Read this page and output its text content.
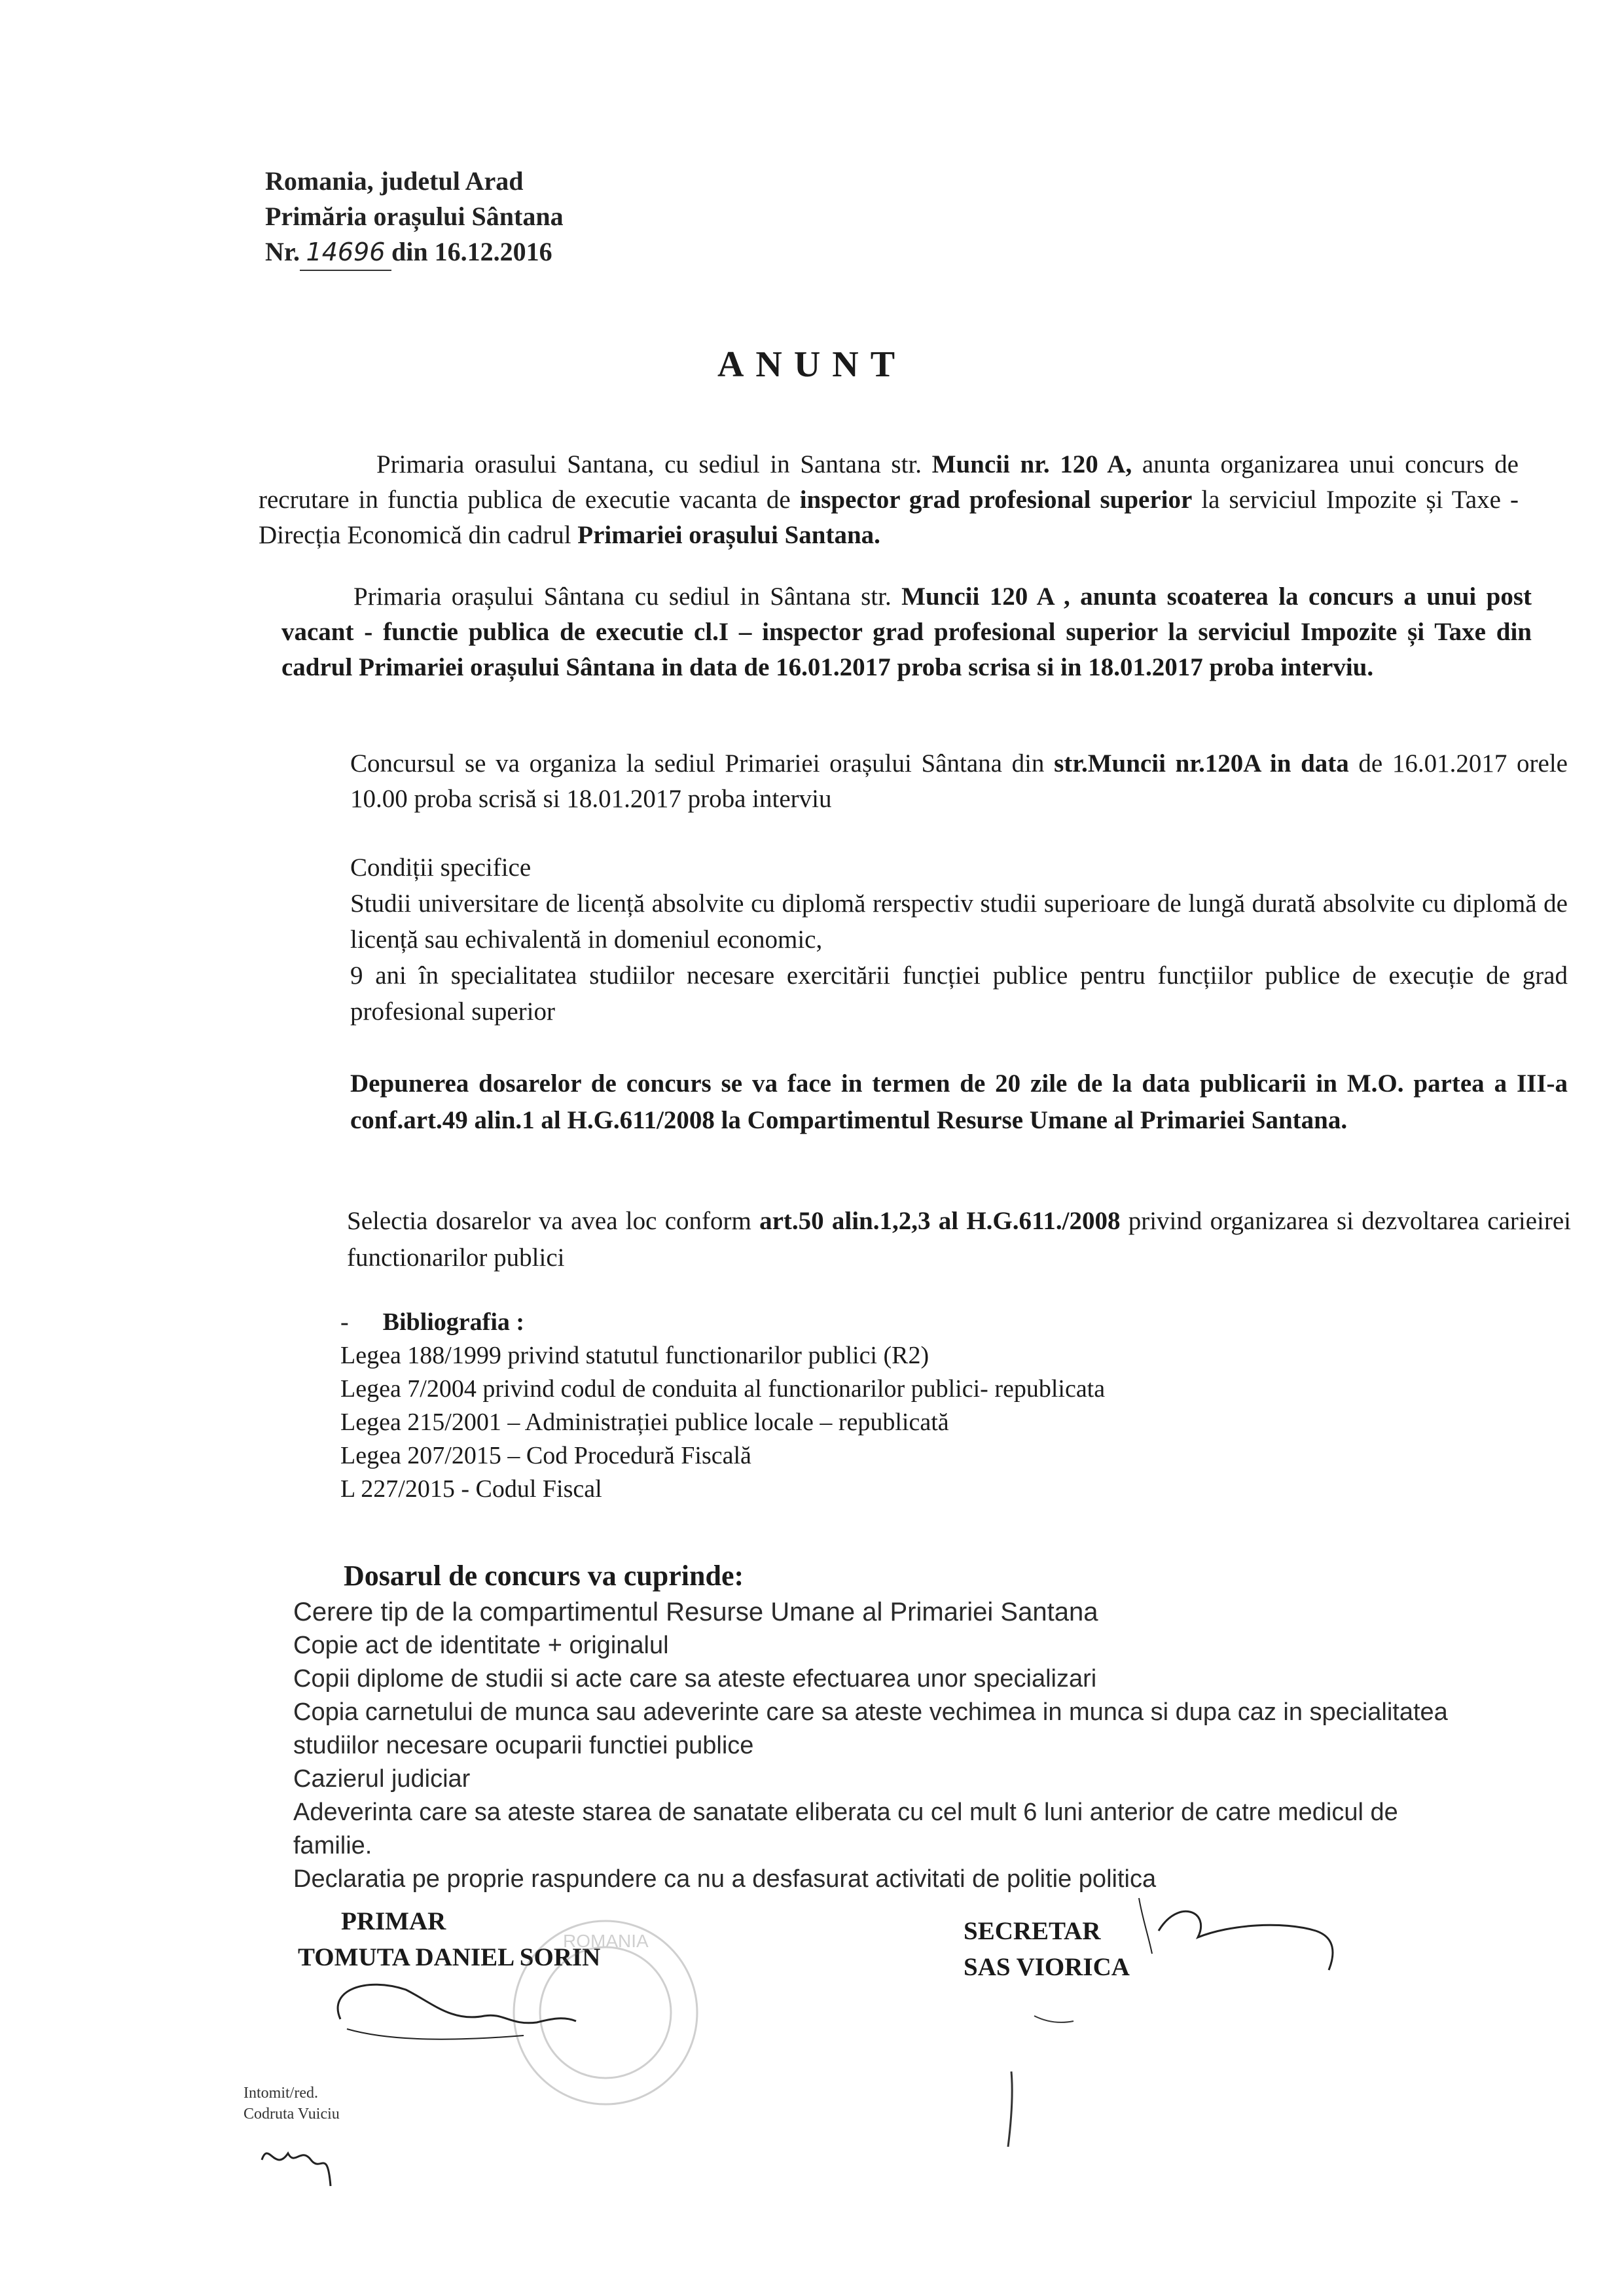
Romania, judetul Arad
Primăria orașului Sântana
Nr. 14696 din 16.12.2016
ANUNT
Primaria orasului Santana, cu sediul in Santana str. Muncii nr. 120 A, anunta organizarea unui concurs de recrutare in functia publica de executie vacanta de inspector grad profesional superior la serviciul Impozite și Taxe - Direcția Economică din cadrul Primariei orașului Santana.
Primaria orașului Sântana cu sediul in Sântana str. Muncii 120 A , anunta scoaterea la concurs a unui post vacant - functie publica de executie cl.I – inspector grad profesional superior la serviciul Impozite și Taxe din cadrul Primariei orașului Sântana in data de 16.01.2017 proba scrisa si in 18.01.2017 proba interviu.
Concursul se va organiza la sediul Primariei orașului Sântana din str.Muncii nr.120A in data de 16.01.2017 orele 10.00 proba scrisă si 18.01.2017 proba interviu
Condiții specifice
Studii universitare de licență absolvite cu diplomă rerspectiv studii superioare de lungă durată absolvite cu diplomă de licență sau echivalentă in domeniul economic,
9 ani în specialitatea studiilor necesare exercitării funcției publice pentru funcțiilor publice de execuție de grad profesional superior
Depunerea dosarelor de concurs se va face in termen de 20 zile de la data publicarii in M.O. partea a III-a conf.art.49 alin.1 al H.G.611/2008 la Compartimentul Resurse Umane al Primariei Santana.
Selectia dosarelor va avea loc conform art.50 alin.1,2,3 al H.G.611./2008 privind organizarea si dezvoltarea carieirei functionarilor publici
- Bibliografia :
Legea 188/1999 privind statutul functionarilor publici (R2)
Legea 7/2004 privind codul de conduita al functionarilor publici- republicata
Legea 215/2001 – Administrației publice locale – republicată
Legea 207/2015 – Cod Procedură Fiscală
L 227/2015 - Codul Fiscal
Dosarul de concurs va cuprinde:
Cerere tip de la compartimentul Resurse Umane al Primariei Santana
Copie act de identitate + originalul
Copii diplome de studii si acte care sa ateste efectuarea unor specializari
Copia carnetului de munca sau adeverinte care sa ateste vechimea in munca si dupa caz in specialitatea
studiilor necesare ocuparii functiei publice
Cazierul judiciar
Adeverinta care sa ateste starea de sanatate eliberata cu cel mult 6 luni anterior de catre medicul de
familie.
Declaratia pe proprie raspundere ca nu a desfasurat activitati de politie politica
PRIMAR
TOMUTA DANIEL SORIN
SECRETAR
SAS VIORICA
Intomit/red.
Codruta Vuiciu
ROMANIA
